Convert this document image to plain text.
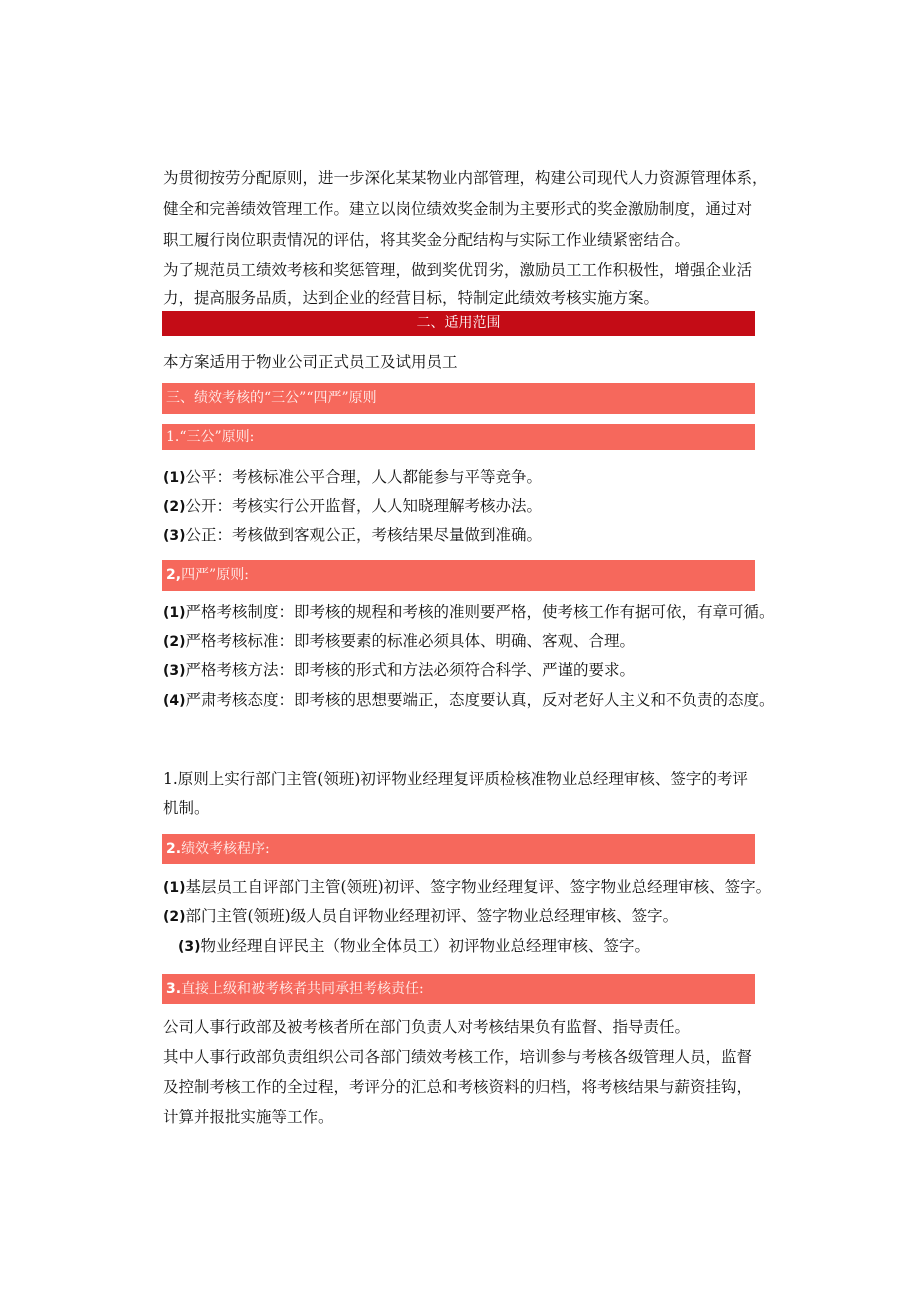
为贯彻按劳分配原则，进一步深化某某物业内部管理，构建公司现代人力资源管理体系，

健全和完善绩效管理工作。建立以岗位绩效奖金制为主要形式的奖金激励制度，通过对

职工履行岗位职责情况的评估，将其奖金分配结构与实际工作业绩紧密结合。

为了规范员工绩效考核和奖惩管理，做到奖优罚劣，激励员工工作积极性，增强企业活

力，提高服务品质，达到企业的经营目标，特制定此绩效考核实施方案。

二、适用范围

本方案适用于物业公司正式员工及试用员工

三、绩效考核的“三公”“四严”原则
1.“三公”原则:
(1)公平：考核标准公平合理，人人都能参与平等竞争。
(2)公开：考核实行公开监督，人人知晓理解考核办法。
(3)公正：考核做到客观公正，考核结果尽量做到准确。
2,四严”原则:
(1)严格考核制度：即考核的规程和考核的准则要严格，使考核工作有据可依，有章可循。
(2)严格考核标准：即考核要素的标准必须具体、明确、客观、合理。
(3)严格考核方法：即考核的形式和方法必须符合科学、严谨的要求。
(4)严肃考核态度：即考核的思想要端正，态度要认真，反对老好人主义和不负责的态度。

1.原则上实行部门主管(领班)初评物业经理复评质检核准物业总经理审核、签字的考评

机制。

2.绩效考核程序:
(1)基层员工自评部门主管(领班)初评、签字物业经理复评、签字物业总经理审核、签字。
(2)部门主管(领班)级人员自评物业经理初评、签字物业总经理审核、签字。
(3)物业经理自评民主（物业全体员工）初评物业总经理审核、签字。
3.直接上级和被考核者共同承担考核责任:

公司人事行政部及被考核者所在部门负责人对考核结果负有监督、指导责任。

其中人事行政部负责组织公司各部门绩效考核工作，培训参与考核各级管理人员，监督

及控制考核工作的全过程，考评分的汇总和考核资料的归档，将考核结果与薪资挂钩，

计算并报批实施等工作。
